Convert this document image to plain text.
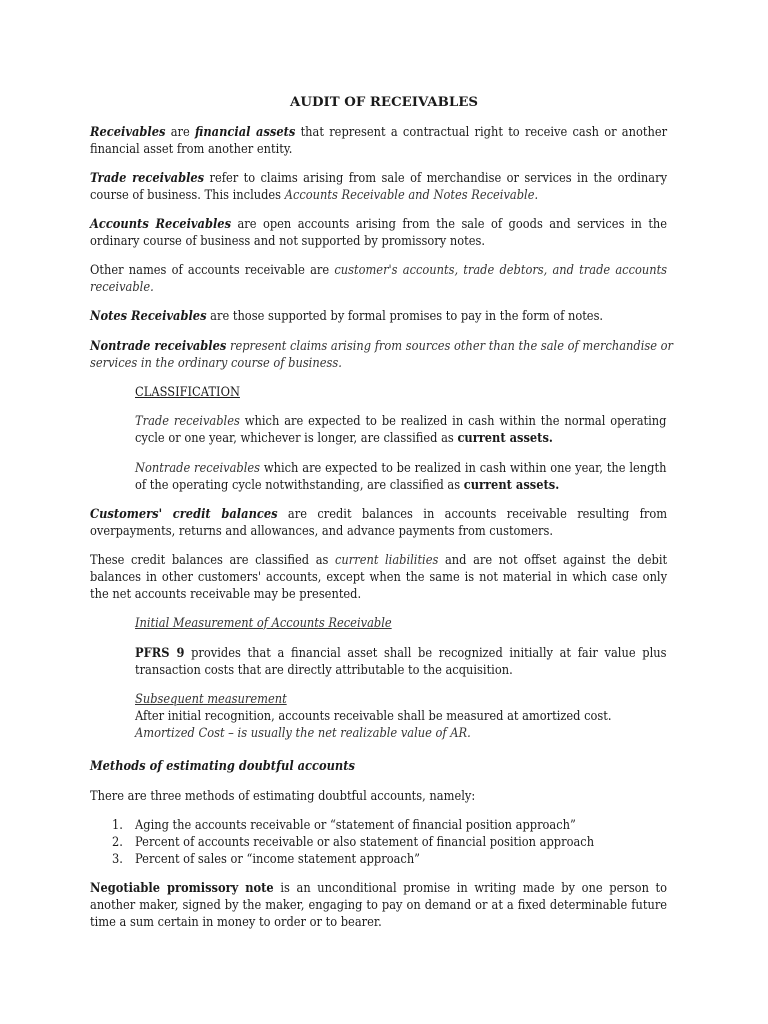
AUDIT OF RECEIVABLES
Receivables are financial assets that represent a contractual right to receive cash or another
financial asset from another entity.
Trade receivables refer to claims arising from sale of merchandise or services in the ordinary
course of business. This includes Accounts Receivable and Notes Receivable.
Accounts Receivables are open accounts arising from the sale of goods and services in the
ordinary course of business and not supported by promissory notes.
Other names of accounts receivable are customer's accounts, trade debtors, and trade accounts
receivable.
Notes Receivables are those supported by formal promises to pay in the form of notes.
Nontrade receivables represent claims arising from sources other than the sale of merchandise or
services in the ordinary course of business.
CLASSIFICATION
Trade receivables which are expected to be realized in cash within the normal operating
cycle or one year, whichever is longer, are classified as current assets.
Nontrade receivables which are expected to be realized in cash within one year, the length
of the operating cycle notwithstanding, are classified as current assets.
Customers' credit balances are credit balances in accounts receivable resulting from
overpayments, returns and allowances, and advance payments from customers.
These credit balances are classified as current liabilities and are not offset against the debit
balances in other customers' accounts, except when the same is not material in which case only
the net accounts receivable may be presented.
Initial Measurement of Accounts Receivable
PFRS 9 provides that a financial asset shall be recognized initially at fair value plus
transaction costs that are directly attributable to the acquisition.
Subsequent measurement
After initial recognition, accounts receivable shall be measured at amortized cost.
Amortized Cost – is usually the net realizable value of AR.
Methods of estimating doubtful accounts
There are three methods of estimating doubtful accounts, namely:
1. Aging the accounts receivable or “statement of financial position approach”
2. Percent of accounts receivable or also statement of financial position approach
3. Percent of sales or “income statement approach”
Negotiable promissory note is an unconditional promise in writing made by one person to
another maker, signed by the maker, engaging to pay on demand or at a fixed determinable future
time a sum certain in money to order or to bearer.
